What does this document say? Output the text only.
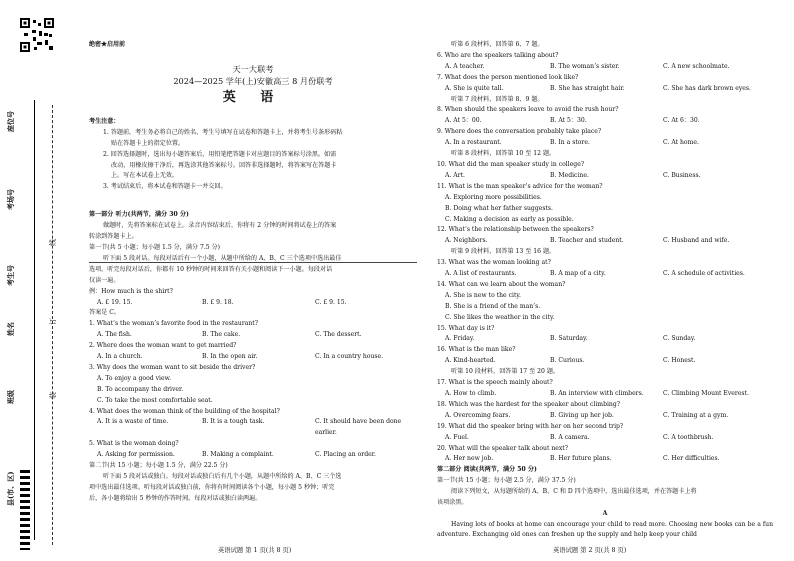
座位号
考场号
考生号
姓名
班级
县(市、区)
线
订
装
绝密★启用前
天一大联考
2024—2025 学年(上)安徽高三 8 月份联考
英 语
考生注意：
1. 答题前，考生务必将自己的姓名、考生号填写在试卷和答题卡上，并将考生号条形码粘
贴在答题卡上的指定位置。
2. 回答选择题时，选出每小题答案后，用铅笔把答题卡对应题目的答案标号涂黑。如需
改动，用橡皮擦干净后，再选涂其他答案标号。回答非选择题时，将答案写在答题卡
上。写在本试卷上无效。
3. 考试结束后，将本试卷和答题卡一并交回。
第一部分 听力(共两节，满分 30 分)
做题时，先将答案标在试卷上。录音内容结束后，你将有 2 分钟的时间将试卷上的答案
转涂到答题卡上。
第一节(共 5 小题；每小题 1.5 分，满分 7.5 分)
听下面 5 段对话。每段对话后有一个小题，从题中所给的 A、B、C 三个选项中选出最佳
选项。听完每段对话后，你都有 10 秒钟的时间来回答有关小题和阅读下一小题。每段对话
仅读一遍。
例：How much is the shirt?
A. £ 19. 15.	B. £ 9. 18.	C. £ 9. 15.
答案是 C。
1. What’s the woman’s favorite food in the restaurant?
A. The fish.	B. The cake.	C. The dessert.
2. Where does the woman want to get married?
A. In a church.	B. In the open air.	C. In a country house.
3. Why does the woman want to sit beside the driver?
A. To enjoy a good view.
B. To accompany the driver.
C. To take the most comfortable seat.
4. What does the woman think of the building of the hospital?
A. It is a waste of time.	B. It is a tough task.	C. It should have been done earlier.
5. What is the woman doing?
A. Asking for permission.	B. Making a complaint.	C. Placing an order.
第二节(共 15 小题；每小题 1.5 分，满分 22.5 分)
听下面 5 段对话或独白。每段对话或独白后有几个小题，从题中所给的 A、B、C 三个选
项中选出最佳选项。听每段对话或独白前，你将有时间阅读各个小题，每小题 5 秒钟；听完
后，各小题将给出 5 秒钟的作答时间。每段对话或独白读两遍。
听第 6 段材料，回答第 6、7 题。
6. Who are the speakers talking about?
A. A teacher.	B. The woman’s sister.	C. A new schoolmate.
7. What does the person mentioned look like?
A. She is quite tall.	B. She has straight hair.	C. She has dark brown eyes.
听第 7 段材料，回答第 8、9 题。
8. When should the speakers leave to avoid the rush hour?
A. At 5：00.	B. At 5：30.	C. At 6：30.
9. Where does the conversation probably take place?
A. In a restaurant.	B. In a store.	C. At home.
听第 8 段材料，回答第 10 至 12 题。
10. What did the man speaker study in college?
A. Art.	B. Medicine.	C. Business.
11. What is the man speaker’s advice for the woman?
A. Exploring more possibilities.
B. Doing what her father suggests.
C. Making a decision as early as possible.
12. What’s the relationship between the speakers?
A. Neighbors.	B. Teacher and student.	C. Husband and wife.
听第 9 段材料，回答第 13 至 16 题。
13. What was the woman looking at?
A. A list of restaurants.	B. A map of a city.	C. A schedule of activities.
14. What can we learn about the woman?
A. She is new to the city.
B. She is a friend of the man’s.
C. She likes the weather in the city.
15. What day is it?
A. Friday.	B. Saturday.	C. Sunday.
16. What is the man like?
A. Kind-hearted.	B. Curious.	C. Honest.
听第 10 段材料，回答第 17 至 20 题。
17. What is the speech mainly about?
A. How to climb.	B. An interview with climbers.	C. Climbing Mount Everest.
18. Which was the hardest for the speaker about climbing?
A. Overcoming fears.	B. Giving up her job.	C. Training at a gym.
19. What did the speaker bring with her on her second trip?
A. Fuel.	B. A camera.	C. A toothbrush.
20. What will the speaker talk about next?
A. Her new job.	B. Her future plans.	C. Her difficulties.
第二部分 阅读(共两节，满分 50 分)
第一节(共 15 小题；每小题 2.5 分，满分 37.5 分)
阅读下列短文，从每题所给的 A、B、C 和 D 四个选项中，选出最佳选项，并在答题卡上将
该项涂黑。
A
Having lots of books at home can encourage your child to read more. Choosing new books can be a fun adventure. Exchanging old ones can freshen up the supply and help keep your child
英语试题 第 1 页(共 8 页)	英语试题 第 2 页(共 8 页)
